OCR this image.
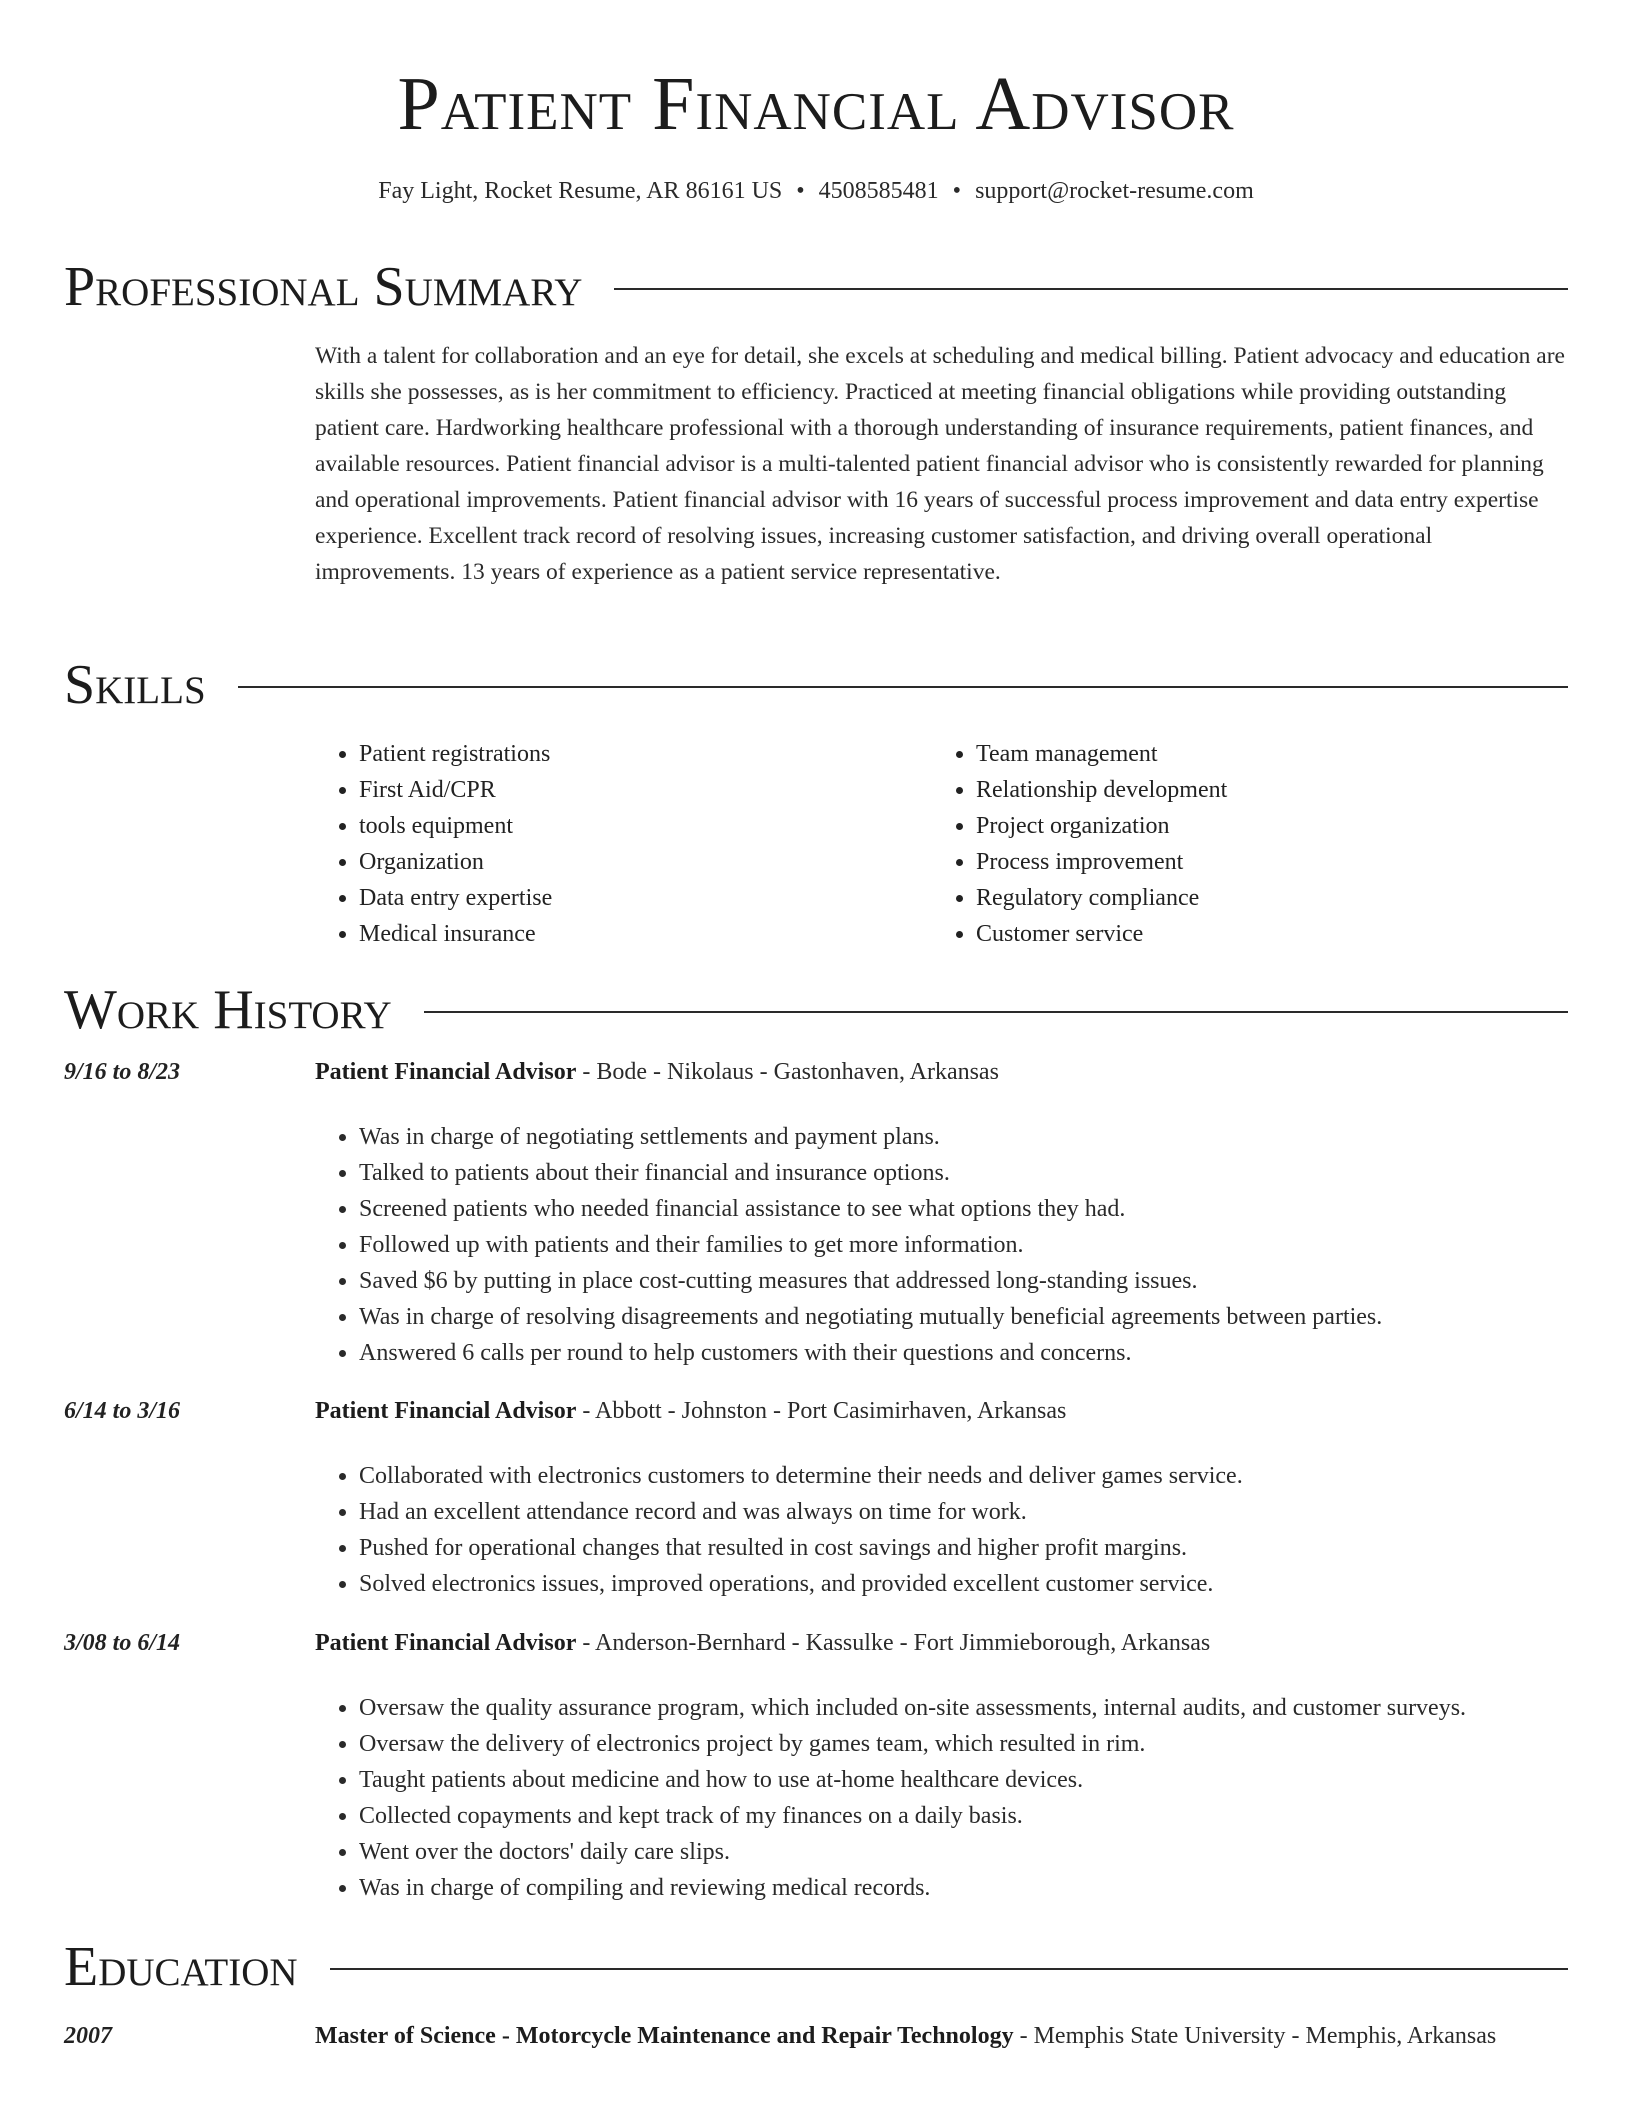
Patient Financial Advisor
Fay Light, Rocket Resume, AR 86161 US • 4508585481 • support@rocket-resume.com
Professional Summary

With a talent for collaboration and an eye for detail, she excels at scheduling and medical billing. Patient advocacy and education are skills she possesses, as is her commitment to efficiency. Practiced at meeting financial obligations while providing outstanding patient care. Hardworking healthcare professional with a thorough understanding of insurance requirements, patient finances, and available resources. Patient financial advisor is a multi-talented patient financial advisor who is consistently rewarded for planning and operational improvements. Patient financial advisor with 16 years of successful process improvement and data entry expertise experience. Excellent track record of resolving issues, increasing customer satisfaction, and driving overall operational improvements. 13 years of experience as a patient service representative.

Skills
• Patient registrations
• First Aid/CPR
• tools equipment
• Organization
• Data entry expertise
• Medical insurance
• Team management
• Relationship development
• Project organization
• Process improvement
• Regulatory compliance
• Customer service
Work History
9/16 to 8/23	Patient Financial Advisor - Bode - Nikolaus - Gastonhaven, Arkansas
• Was in charge of negotiating settlements and payment plans.
• Talked to patients about their financial and insurance options.
• Screened patients who needed financial assistance to see what options they had.
• Followed up with patients and their families to get more information.
• Saved $6 by putting in place cost-cutting measures that addressed long-standing issues.
• Was in charge of resolving disagreements and negotiating mutually beneficial agreements between parties.
• Answered 6 calls per round to help customers with their questions and concerns.
6/14 to 3/16	Patient Financial Advisor - Abbott - Johnston - Port Casimirhaven, Arkansas
• Collaborated with electronics customers to determine their needs and deliver games service.
• Had an excellent attendance record and was always on time for work.
• Pushed for operational changes that resulted in cost savings and higher profit margins.
• Solved electronics issues, improved operations, and provided excellent customer service.
3/08 to 6/14	Patient Financial Advisor - Anderson-Bernhard - Kassulke - Fort Jimmieborough, Arkansas
• Oversaw the quality assurance program, which included on-site assessments, internal audits, and customer surveys.
• Oversaw the delivery of electronics project by games team, which resulted in rim.
• Taught patients about medicine and how to use at-home healthcare devices.
• Collected copayments and kept track of my finances on a daily basis.
• Went over the doctors' daily care slips.
• Was in charge of compiling and reviewing medical records.
Education
2007	Master of Science - Motorcycle Maintenance and Repair Technology - Memphis State University - Memphis, Arkansas
